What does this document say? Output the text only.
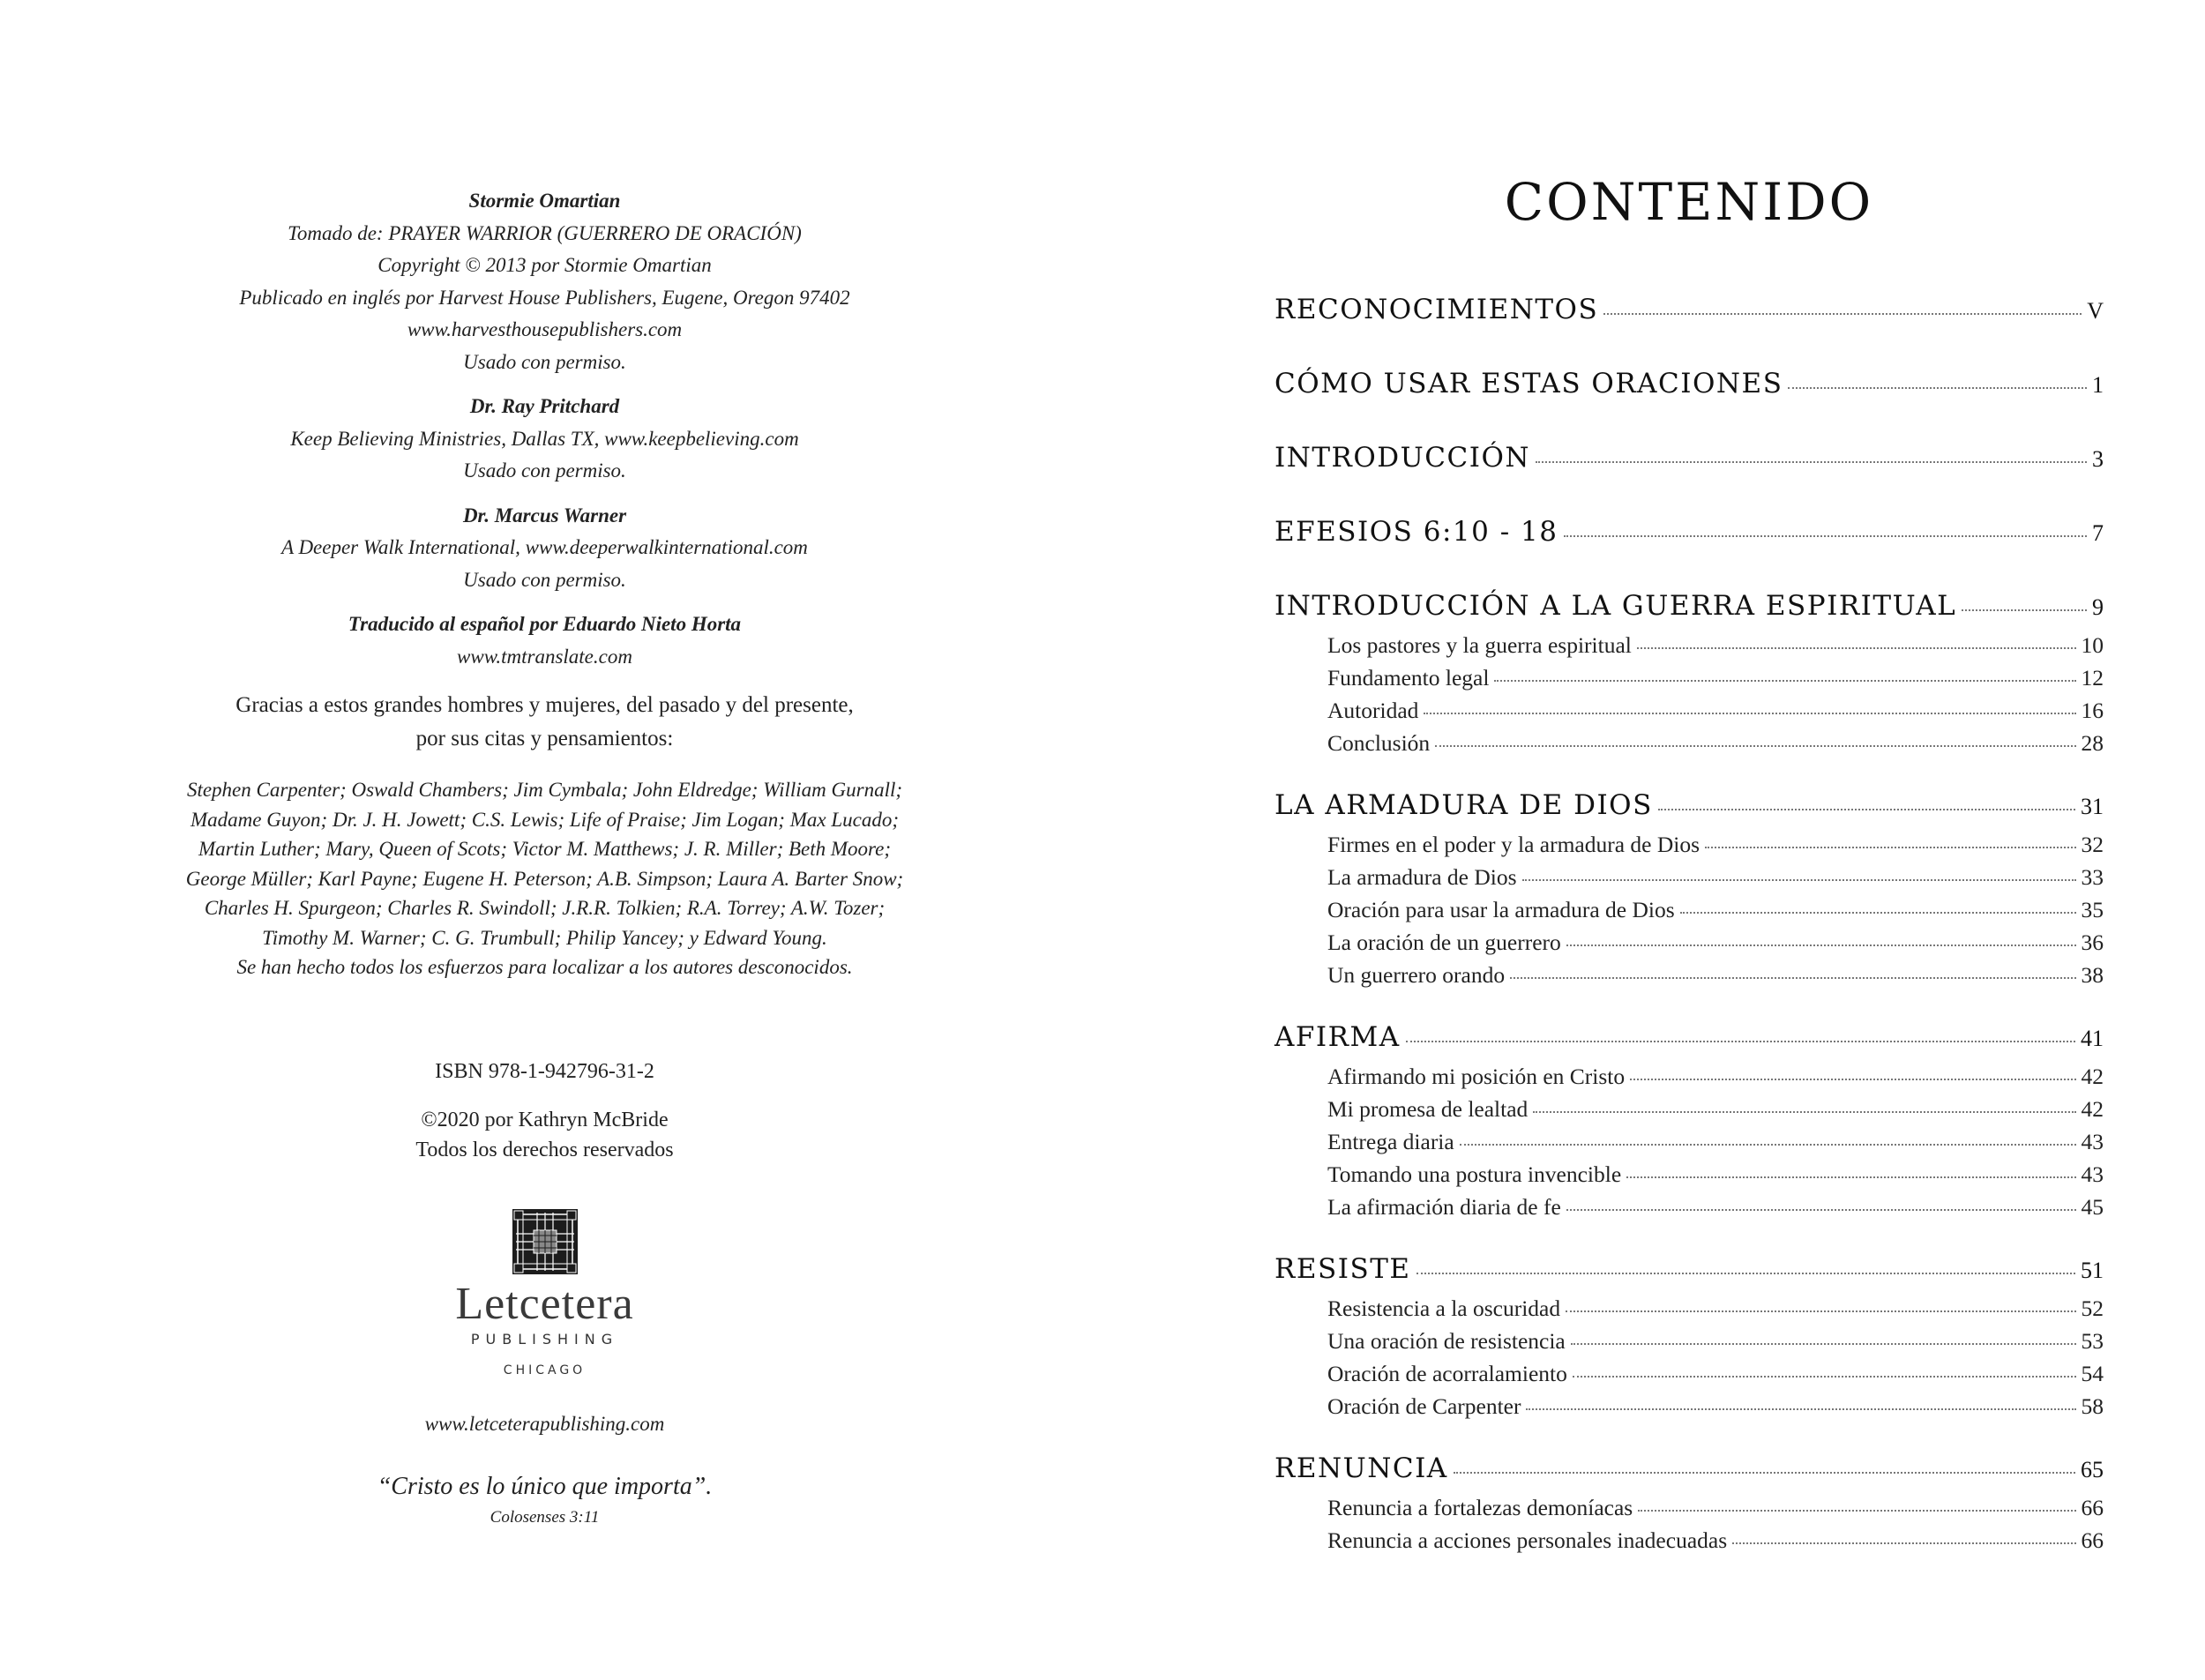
Stormie Omartian
Tomado de: PRAYER WARRIOR (GUERRERO DE ORACIÓN)
Copyright © 2013 por Stormie Omartian
Publicado en inglés por Harvest House Publishers, Eugene, Oregon 97402
www.harvesthousepublishers.com
Usado con permiso.
Dr. Ray Pritchard
Keep Believing Ministries, Dallas TX, www.keepbelieving.com
Usado con permiso.
Dr. Marcus Warner
A Deeper Walk International, www.deeperwalkinternational.com
Usado con permiso.
Traducido al español por Eduardo Nieto Horta
www.tmtranslate.com
Gracias a estos grandes hombres y mujeres, del pasado y del presente,
por sus citas y pensamientos:
Stephen Carpenter; Oswald Chambers; Jim Cymbala; John Eldredge; William Gurnall;
Madame Guyon; Dr. J. H. Jowett; C.S. Lewis; Life of Praise; Jim Logan; Max Lucado;
Martin Luther; Mary, Queen of Scots; Victor M. Matthews; J. R. Miller; Beth Moore;
George Müller; Karl Payne; Eugene H. Peterson; A.B. Simpson; Laura A. Barter Snow;
Charles H. Spurgeon; Charles R. Swindoll; J.R.R. Tolkien; R.A. Torrey; A.W. Tozer;
Timothy M. Warner; C. G. Trumbull; Philip Yancey; y Edward Young.
Se han hecho todos los esfuerzos para localizar a los autores desconocidos.
ISBN 978-1-942796-31-2
©2020 por Kathryn McBride
Todos los derechos reservados
Letcetera
PUBLISHING
CHICAGO
www.letceterapublishing.com
“Cristo es lo único que importa”.
Colosenses 3:11
CONTENIDO
RECONOCIMIENTOS	V
CÓMO USAR ESTAS ORACIONES	1
INTRODUCCIÓN	3
EFESIOS 6:10 - 18	7
INTRODUCCIÓN A LA GUERRA ESPIRITUAL	9
Los pastores y la guerra espiritual	10
Fundamento legal	12
Autoridad	16
Conclusión	28
LA ARMADURA DE DIOS	31
Firmes en el poder y la armadura de Dios	32
La armadura de Dios	33
Oración para usar la armadura de Dios	35
La oración de un guerrero	36
Un guerrero orando	38
AFIRMA	41
Afirmando mi posición en Cristo	42
Mi promesa de lealtad	42
Entrega diaria	43
Tomando una postura invencible	43
La afirmación diaria de fe	45
RESISTE	51
Resistencia a la oscuridad	52
Una oración de resistencia	53
Oración de acorralamiento	54
Oración de Carpenter	58
RENUNCIA	65
Renuncia a fortalezas demoníacas	66
Renuncia a acciones personales inadecuadas	66
